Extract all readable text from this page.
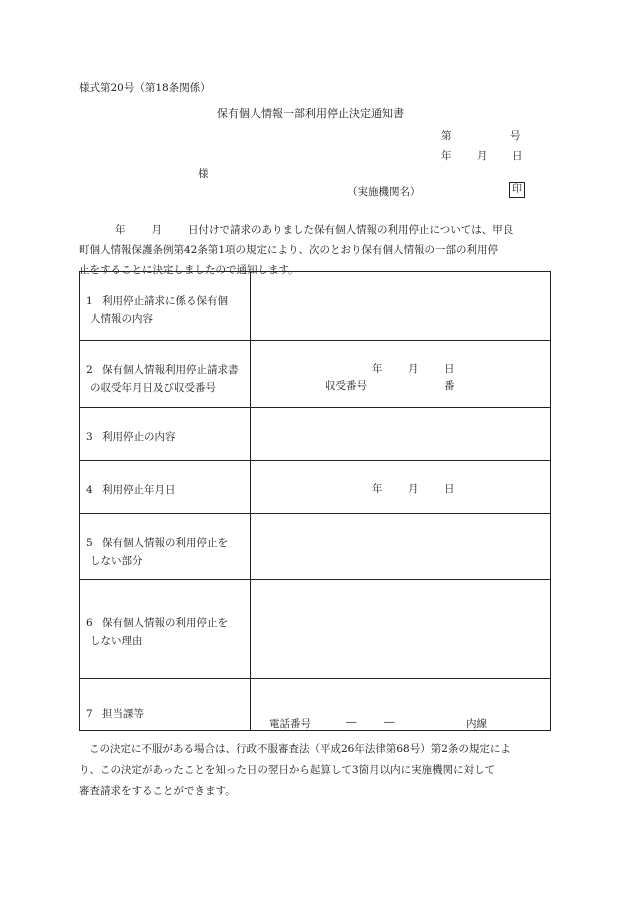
様式第20号（第18条関係）
保有個人情報一部利用停止決定通知書
第	号
年 月 日
様
（実施機関名）	印

年 月 日付けで請求のありました保有個人情報の利用停止については、甲良

町個人情報保護条例第42条第1項の規定により、次のとおり保有個人情報の一部の利用停

止をすることに決定しましたので通知します。

1 利用停止請求に係る保有個
人情報の内容	

2 保有個人情報利用停止請求書
の収受年月日及び収受番号	年 月 日
収受番号 番

3 利用停止の内容	

4 利用停止年月日	年 月 日

5 保有個人情報の利用停止を
しない部分	

6 保有個人情報の利用停止を
しない理由	

7 担当課等	電話番号 ― ― 内線

この決定に不服がある場合は、行政不服審査法（平成26年法律第68号）第2条の規定によ

り、この決定があったことを知った日の翌日から起算して3箇月以内に実施機関に対して

審査請求をすることができます。
